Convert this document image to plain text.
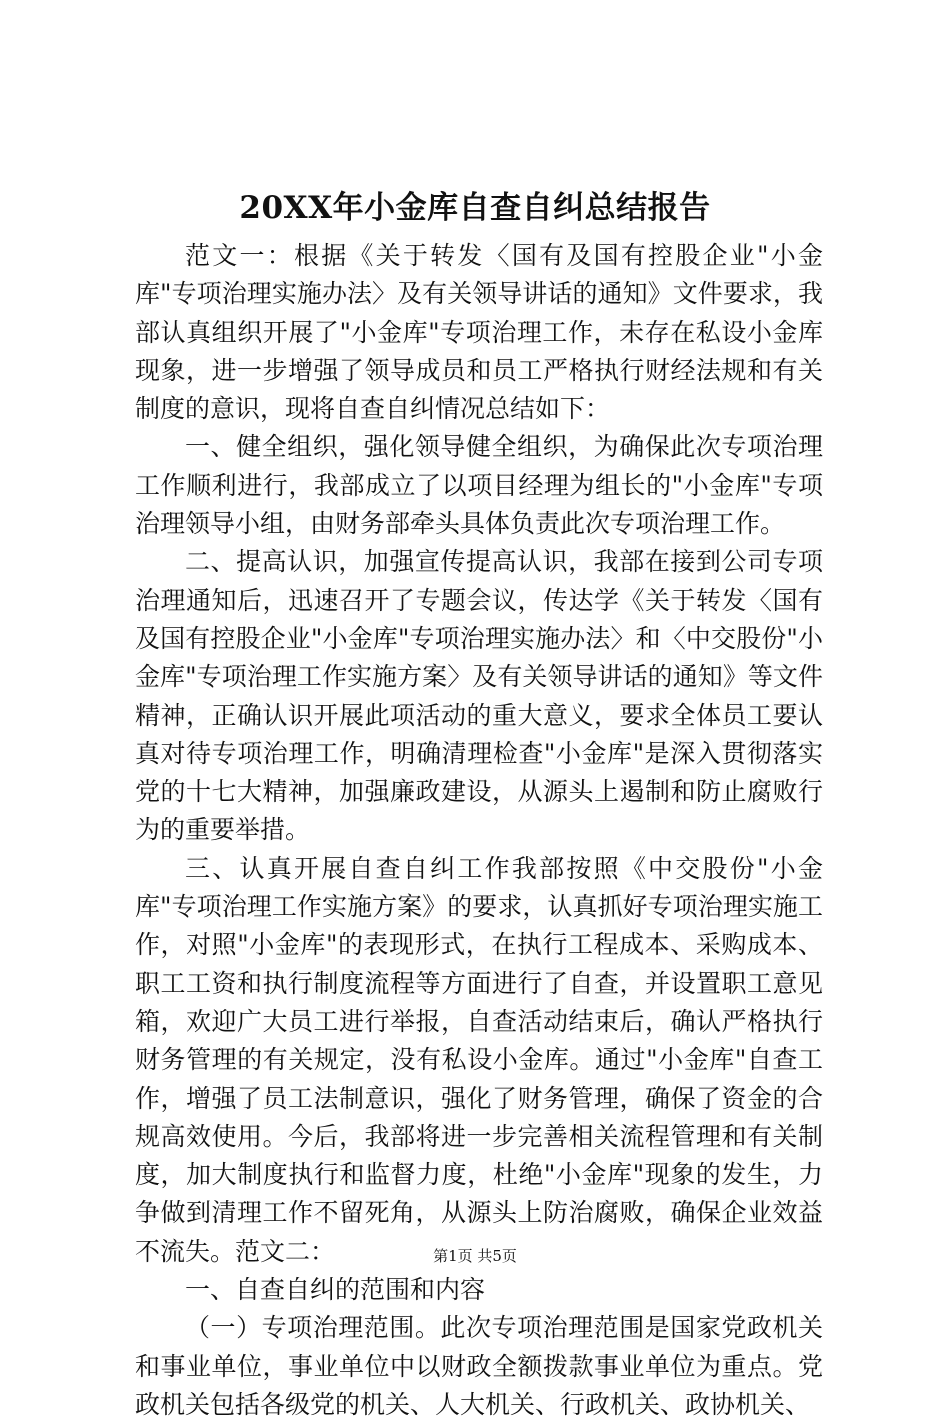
20XX年小金库自查自纠总结报告

范文一：根据《关于转发〈国有及国有控股企业"小金库"专项治理实施办法〉及有关领导讲话的通知》文件要求，我部认真组织开展了"小金库"专项治理工作，未存在私设小金库现象，进一步增强了领导成员和员工严格执行财经法规和有关制度的意识，现将自查自纠情况总结如下：

一、健全组织，强化领导健全组织，为确保此次专项治理工作顺利进行，我部成立了以项目经理为组长的"小金库"专项治理领导小组，由财务部牵头具体负责此次专项治理工作。

二、提高认识，加强宣传提高认识，我部在接到公司专项治理通知后，迅速召开了专题会议，传达学《关于转发〈国有及国有控股企业"小金库"专项治理实施办法〉和〈中交股份"小金库"专项治理工作实施方案〉及有关领导讲话的通知》等文件精神，正确认识开展此项活动的重大意义，要求全体员工要认真对待专项治理工作，明确清理检查"小金库"是深入贯彻落实党的十七大精神，加强廉政建设，从源头上遏制和防止腐败行为的重要举措。

三、认真开展自查自纠工作我部按照《中交股份"小金库"专项治理工作实施方案》的要求，认真抓好专项治理实施工作，对照"小金库"的表现形式，在执行工程成本、采购成本、职工工资和执行制度流程等方面进行了自查，并设置职工意见箱，欢迎广大员工进行举报，自查活动结束后，确认严格执行财务管理的有关规定，没有私设小金库。通过"小金库"自查工作，增强了员工法制意识，强化了财务管理，确保了资金的合规高效使用。今后，我部将进一步完善相关流程管理和有关制度，加大制度执行和监督力度，杜绝"小金库"现象的发生，力争做到清理工作不留死角，从源头上防治腐败，确保企业效益不流失。范文二：

一、自查自纠的范围和内容

（一）专项治理范围。此次专项治理范围是国家党政机关和事业单位，事业单位中以财政全额拨款事业单位为重点。党政机关包括各级党的机关、人大机关、行政机关、政协机关、

第1页 共5页
